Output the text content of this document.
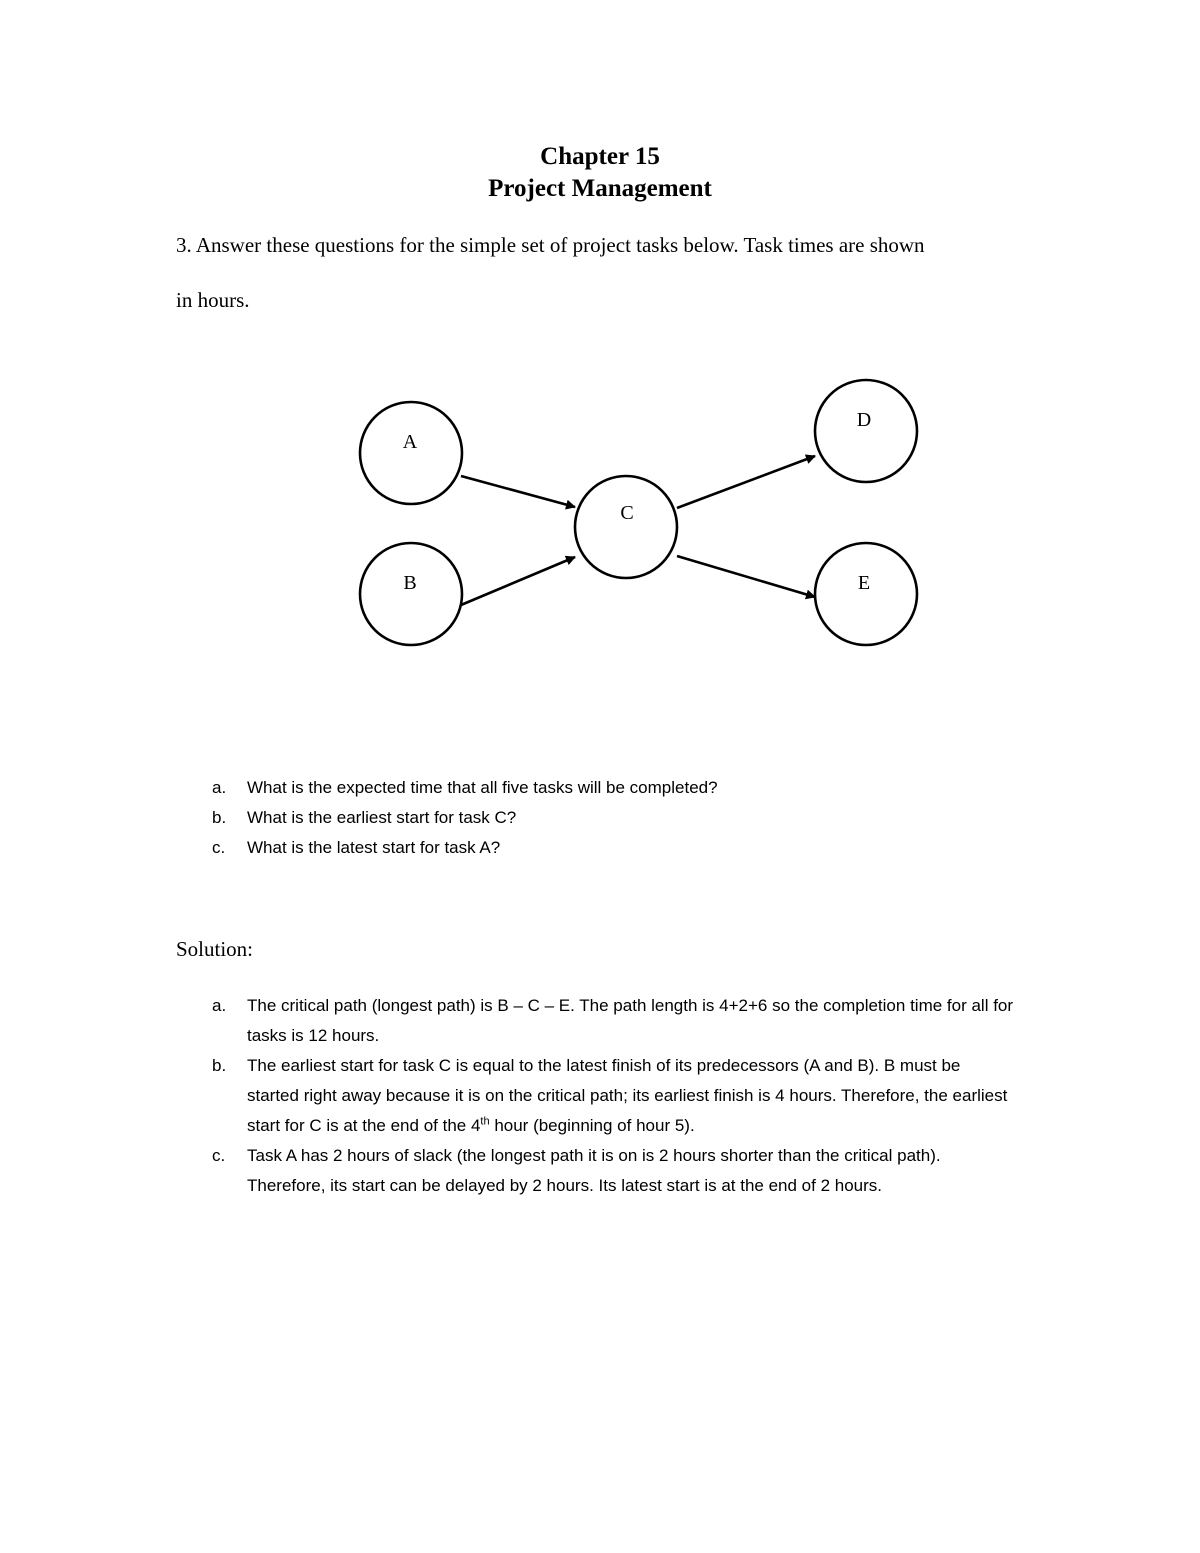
Chapter 15
Project Management
3. Answer these questions for the simple set of project tasks below. Task times are shown
in hours.
A
B
C
D
E
a.	What is the expected time that all five tasks will be completed?
b.	What is the earliest start for task C?
c.	What is the latest start for task A?
Solution:
a.	The critical path (longest path) is B – C – E. The path length is 4+2+6 so the completion time for all for tasks is 12 hours.
b.	The earliest start for task C is equal to the latest finish of its predecessors (A and B). B must be started right away because it is on the critical path; its earliest finish is 4 hours. Therefore, the earliest start for C is at the end of the 4th hour (beginning of hour 5).
c.	Task A has 2 hours of slack (the longest path it is on is 2 hours shorter than the critical path). Therefore, its start can be delayed by 2 hours. Its latest start is at the end of 2 hours.
